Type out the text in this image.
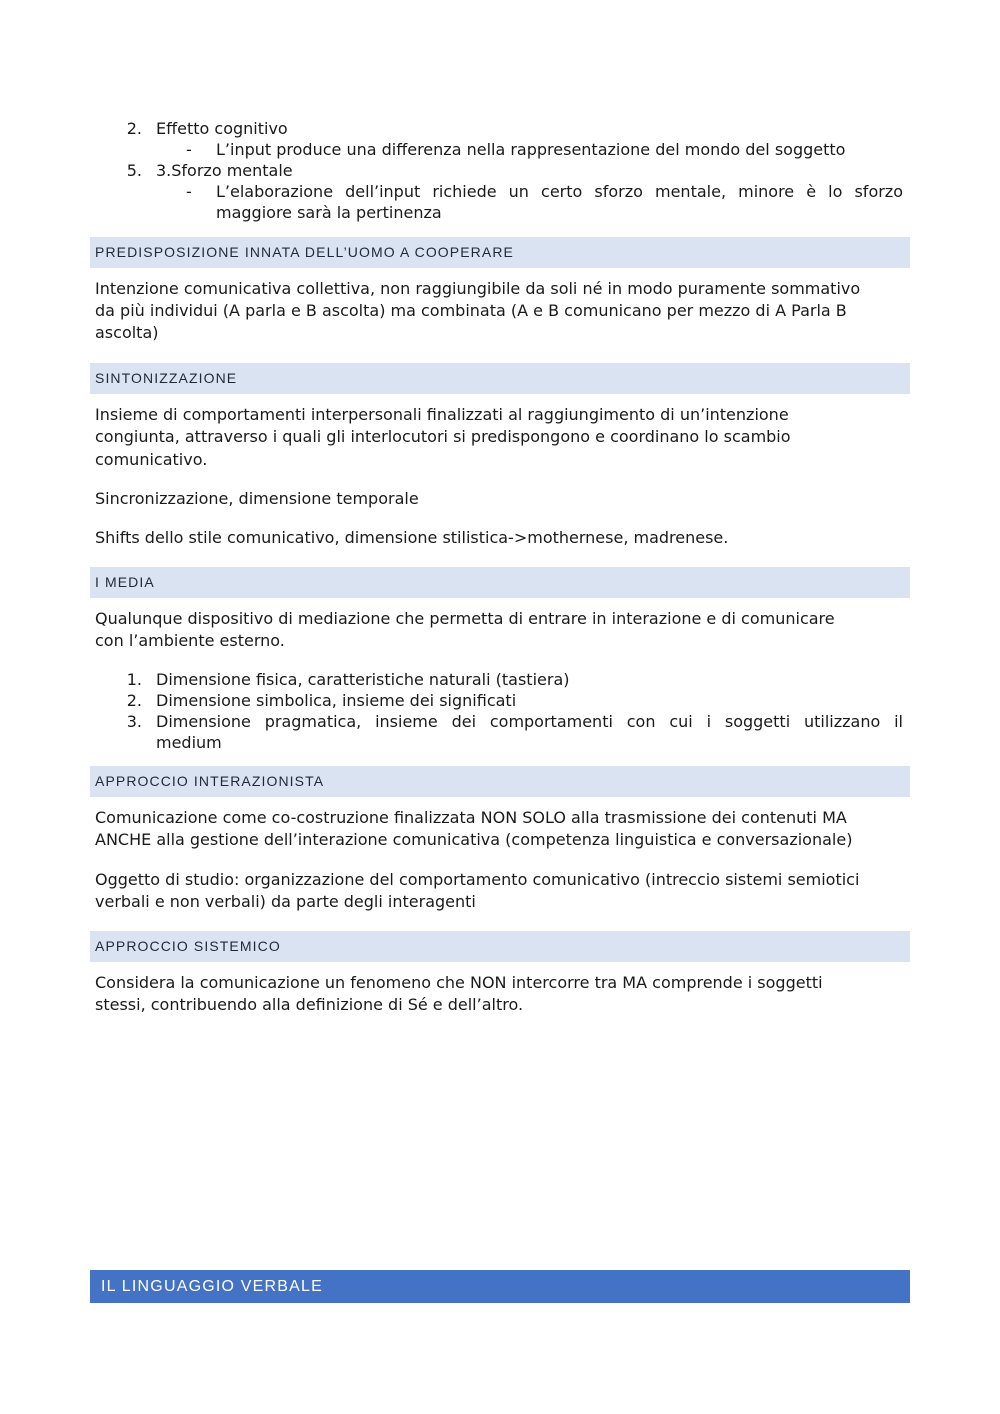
2. Effetto cognitivo
- L’input produce una differenza nella rappresentazione del mondo del soggetto
5. 3.Sforzo mentale
- L’elaborazione dell’input richiede un certo sforzo mentale, minore è lo sforzo
maggiore sarà la pertinenza
PREDISPOSIZIONE INNATA DELL’UOMO A COOPERARE
Intenzione comunicativa collettiva, non raggiungibile da soli né in modo puramente sommativo
da più individui (A parla e B ascolta) ma combinata (A e B comunicano per mezzo di A Parla B
ascolta)
SINTONIZZAZIONE
Insieme di comportamenti interpersonali finalizzati al raggiungimento di un’intenzione
congiunta, attraverso i quali gli interlocutori si predispongono e coordinano lo scambio
comunicativo.
Sincronizzazione, dimensione temporale
Shifts dello stile comunicativo, dimensione stilistica->mothernese, madrenese.
I MEDIA
Qualunque dispositivo di mediazione che permetta di entrare in interazione e di comunicare
con l’ambiente esterno.
1. Dimensione fisica, caratteristiche naturali (tastiera)
2. Dimensione simbolica, insieme dei significati
3. Dimensione pragmatica, insieme dei comportamenti con cui i soggetti utilizzano il
medium
APPROCCIO INTERAZIONISTA
Comunicazione come co-costruzione finalizzata NON SOLO alla trasmissione dei contenuti MA
ANCHE alla gestione dell’interazione comunicativa (competenza linguistica e conversazionale)
Oggetto di studio: organizzazione del comportamento comunicativo (intreccio sistemi semiotici
verbali e non verbali) da parte degli interagenti
APPROCCIO SISTEMICO
Considera la comunicazione un fenomeno che NON intercorre tra MA comprende i soggetti
stessi, contribuendo alla definizione di Sé e dell’altro.
IL LINGUAGGIO VERBALE
